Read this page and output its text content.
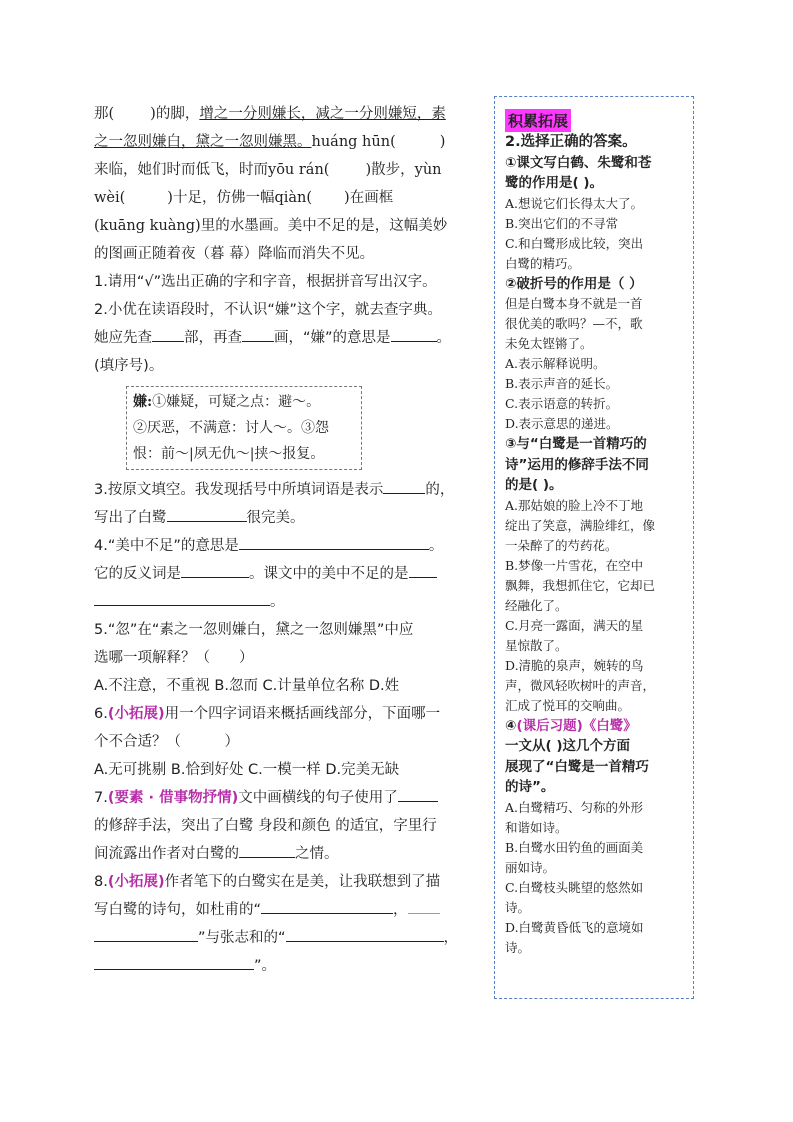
那( )的脚，增之一分则嫌长，减之一分则嫌短，素
之一忽则嫌白，黛之一忽则嫌黑。huáng hūn(	)
来临，她们时而低飞，时而yōu rán( )散步，yùn
wèi(	)十足，仿佛一幅qiàn( )在画框
(kuāng kuàng)里的水墨画。美中不足的是，这幅美妙
的图画正随着夜（暮 幕）降临而消失不见。
1.请用“√”选出正确的字和字音，根据拼音写出汉字。
2.小优在读语段时，不认识“嫌”这个字，就去查字典。
她应先查 部，再查 画，“嫌”的意思是	。
(填序号)。
嫌:①嫌疑，可疑之点：避～。
②厌恶，不满意：讨人～。③怨
恨：前～|夙无仇～|挟～报复。
3.按原文填空。我发现括号中所填词语是表示	的，
写出了白鹭	很完美。
4.“美中不足”的意思是	。
它的反义词是	。课文中的美中不足的是
。
5.“忽”在“素之一忽则嫌白，黛之一忽则嫌黑”中应
选哪一项解释？（　　）
A.不注意，不重视 B.忽而 C.计量单位名称 D.姓
6.(小拓展)用一个四字词语来概括画线部分，下面哪一
个不合适？（　　　）
A.无可挑剔 B.恰到好处 C.一模一样 D.完美无缺
7.(要素 · 借事物抒情)文中画横线的句子使用了
的修辞手法，突出了白鹭 身段和颜色 的适宜，字里行
间流露出作者对白鹭的	之情。
8.(小拓展)作者笔下的白鹭实在是美，让我联想到了描
写白鹭的诗句，如杜甫的“	，
”与张志和的“	，
”。
积累拓展
2.选择正确的答案。
①课文写白鹤、朱鹭和苍
鹭的作用是( )。
A.想说它们长得太大了。
B.突出它们的不寻常
C.和白鹭形成比较，突出
白鹭的精巧。
②破折号的作用是（ ）
但是白鹭本身不就是一首
很优美的歌吗？—不，歌
未免太铿锵了。
A.表示解释说明。
B.表示声音的延长。
C.表示语意的转折。
D.表示意思的递进。
③与“白鹭是一首精巧的
诗”运用的修辞手法不同
的是( )。
A.那姑娘的脸上冷不丁地
绽出了笑意，满脸绯红，像
一朵醉了的芍药花。
B.梦像一片雪花，在空中
飘舞，我想抓住它，它却已
经融化了。
C.月亮一露面，满天的星
星惊散了。
D.清脆的泉声，婉转的鸟
声，微风轻吹树叶的声音，
汇成了悦耳的交响曲。
④(课后习题)《白鹭》
一文从( )这几个方面
展现了“白鹭是一首精巧
的诗”。
A.白鹭精巧、匀称的外形
和谐如诗。
B.白鹭水田钓鱼的画面美
丽如诗。
C.白鹭枝头眺望的悠然如
诗。
D.白鹭黄昏低飞的意境如
诗。
